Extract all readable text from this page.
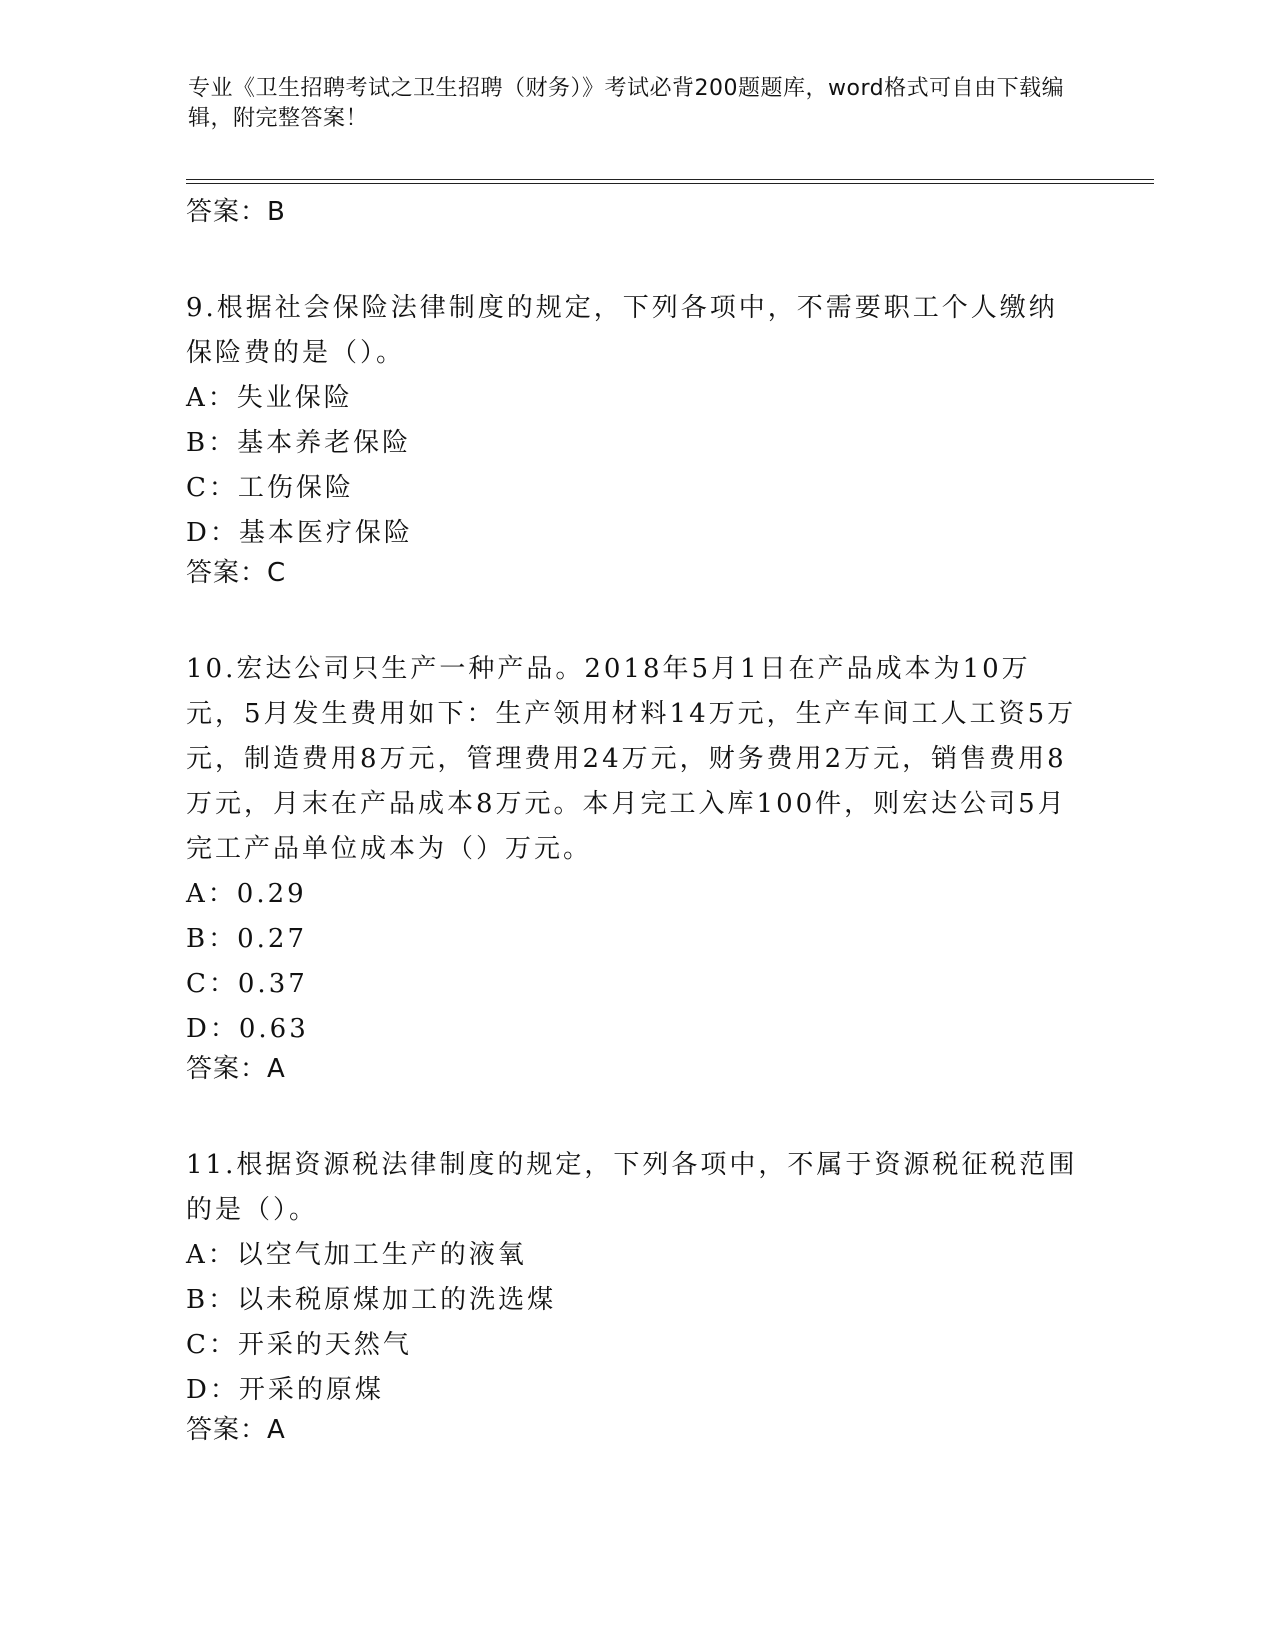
专业《卫生招聘考试之卫生招聘（财务）》考试必背200题题库，word格式可自由下载编辑，附完整答案！
答案：B
9.根据社会保险法律制度的规定，下列各项中，不需要职工个人缴纳保险费的是（）。
A：失业保险
B：基本养老保险
C：工伤保险
D：基本医疗保险
答案：C
10.宏达公司只生产一种产品。2018年5月1日在产品成本为10万元，5月发生费用如下：生产领用材料14万元，生产车间工人工资5万元，制造费用8万元，管理费用24万元，财务费用2万元，销售费用8万元，月末在产品成本8万元。本月完工入库100件，则宏达公司5月完工产品单位成本为（）万元。
A：0.29
B：0.27
C：0.37
D：0.63
答案：A
11.根据资源税法律制度的规定，下列各项中，不属于资源税征税范围的是（）。
A：以空气加工生产的液氧
B：以未税原煤加工的洗选煤
C：开采的天然气
D：开采的原煤
答案：A
